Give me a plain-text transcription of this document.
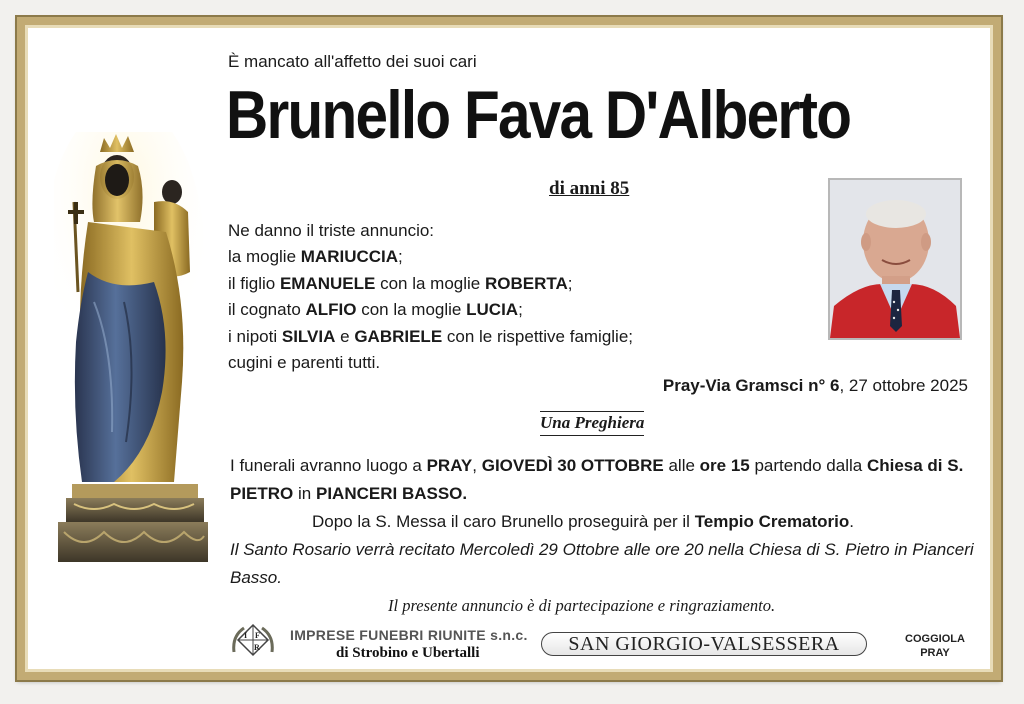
È mancato all'affetto dei suoi cari
Brunello Fava D'Alberto
di anni 85
Ne danno il triste annuncio:
la moglie MARIUCCIA;
il figlio EMANUELE con la moglie ROBERTA;
il cognato ALFIO con la moglie LUCIA;
i nipoti SILVIA e GABRIELE con le rispettive famiglie;
cugini e parenti tutti.
Pray-Via Gramsci n° 6, 27 ottobre 2025
Una Preghiera
I funerali avranno luogo a PRAY, GIOVEDÌ 30 OTTOBRE alle ore 15 partendo dalla Chiesa di S. PIETRO in PIANCERI BASSO.
Dopo la S. Messa il caro Brunello proseguirà per il Tempio Crematorio.
Il Santo Rosario verrà recitato Mercoledì 29 Ottobre alle ore 20 nella Chiesa di S. Pietro in Pianceri Basso.
Il presente annuncio è di partecipazione e ringraziamento.
I F
R
IMPRESE FUNEBRI RIUNITE s.n.c.
di Strobino e Ubertalli	SAN GIORGIO-VALSESSERA	COGGIOLA
PRAY
